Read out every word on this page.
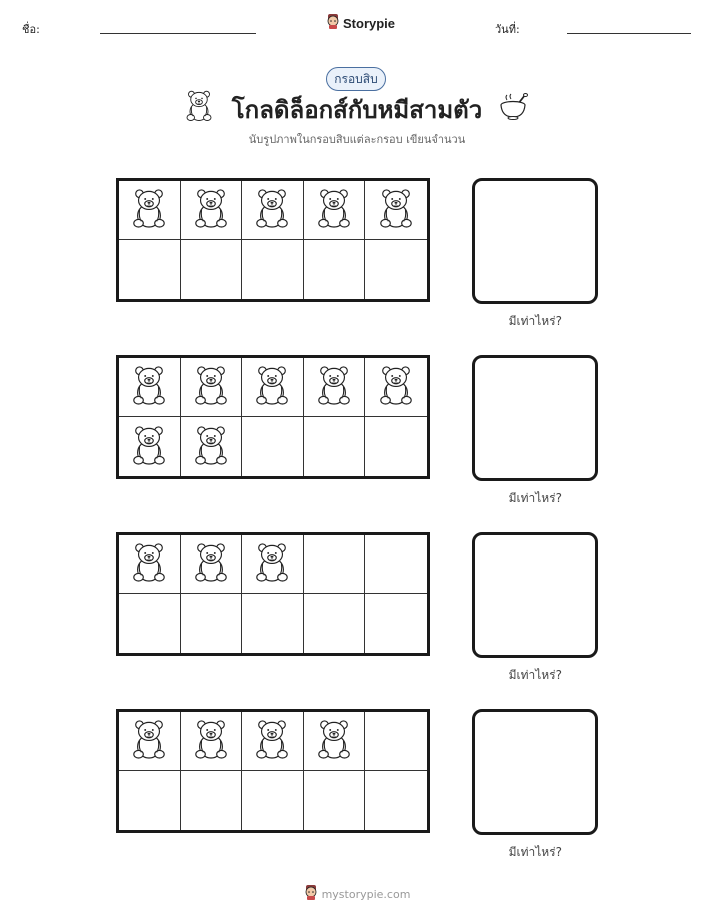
ชื่อ:	Storypie	วันที่:
กรอบสิบ
โกลดิล็อกส์กับหมีสามตัว
นับรูปภาพในกรอบสิบแต่ละกรอบ เขียนจำนวน
มีเท่าไหร่?
มีเท่าไหร่?
มีเท่าไหร่?
มีเท่าไหร่?
mystorypie.com
